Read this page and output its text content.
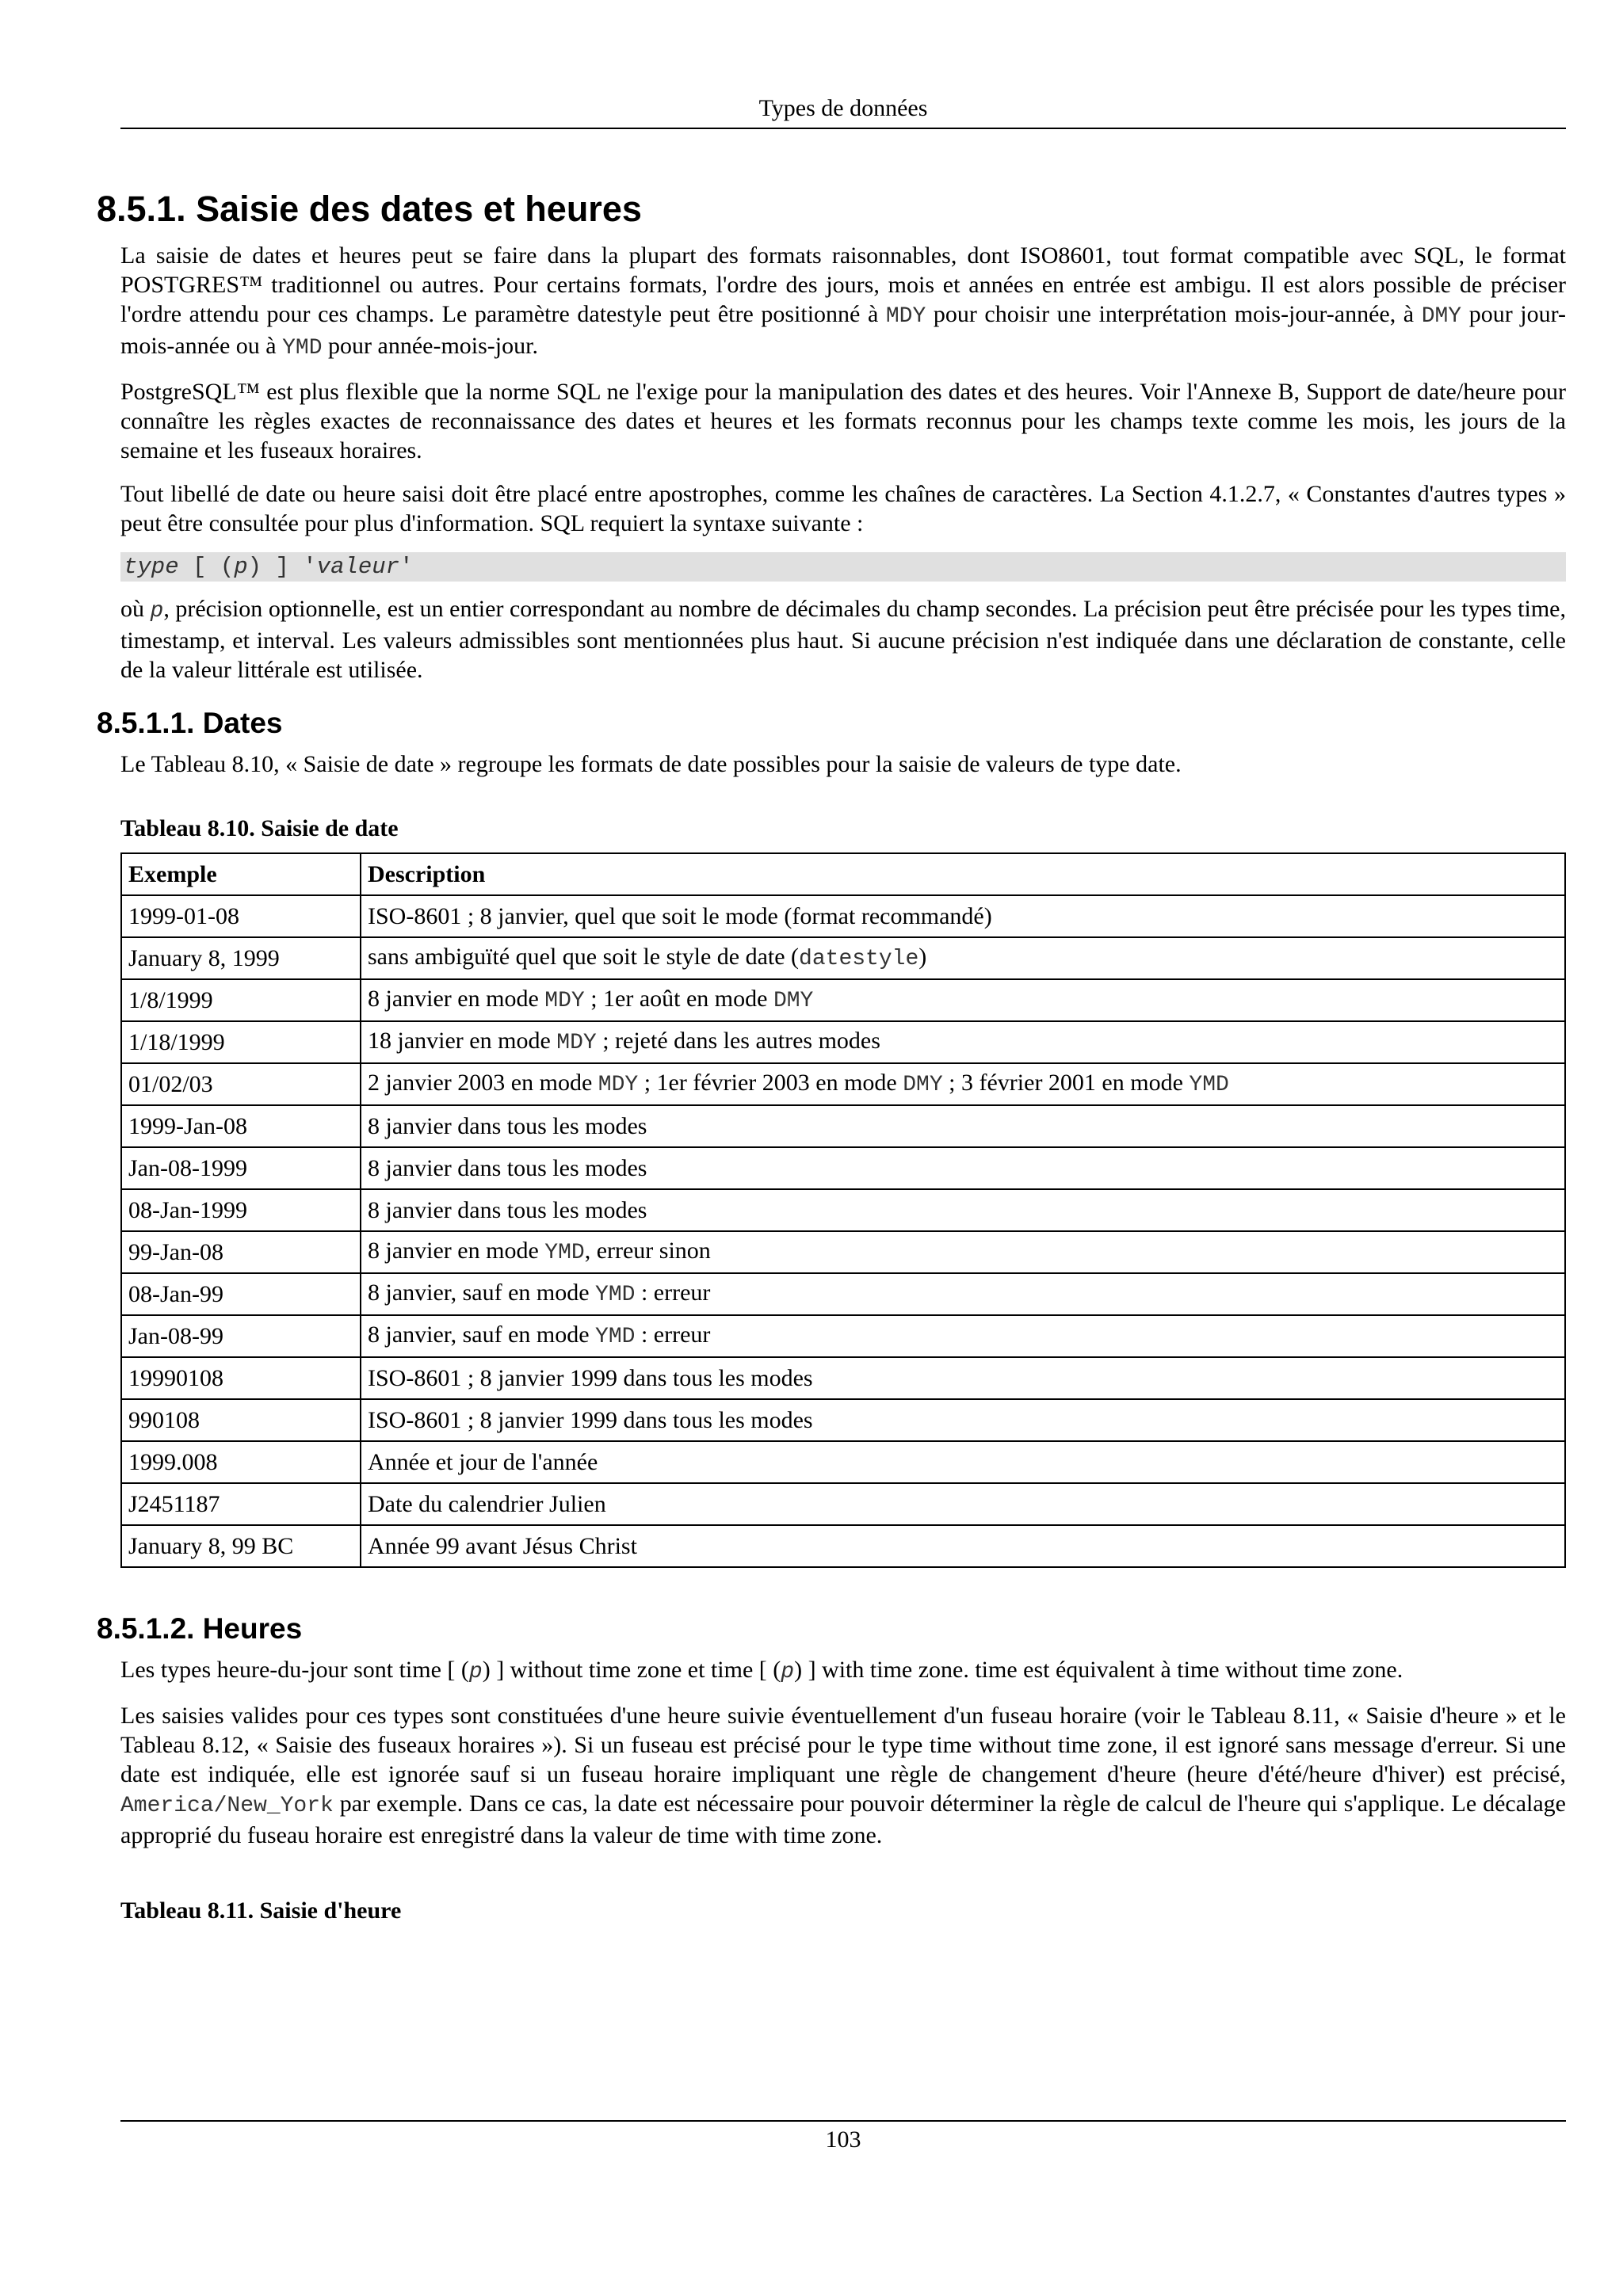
Types de données
8.5.1. Saisie des dates et heures

La saisie de dates et heures peut se faire dans la plupart des formats raisonnables, dont ISO8601, tout format compatible avec SQL, le format POSTGRES™ traditionnel ou autres. Pour certains formats, l'ordre des jours, mois et années en entrée est ambigu. Il est alors possible de préciser l'ordre attendu pour ces champs. Le paramètre datestyle peut être positionné à MDY pour choisir une interprétation mois-jour-année, à DMY pour jour-mois-année ou à YMD pour année-mois-jour.

PostgreSQL™ est plus flexible que la norme SQL ne l'exige pour la manipulation des dates et des heures. Voir l'Annexe B, Support de date/heure pour connaître les règles exactes de reconnaissance des dates et heures et les formats reconnus pour les champs texte comme les mois, les jours de la semaine et les fuseaux horaires.

Tout libellé de date ou heure saisi doit être placé entre apostrophes, comme les chaînes de caractères. La Section 4.1.2.7, « Constantes d'autres types » peut être consultée pour plus d'information. SQL requiert la syntaxe suivante :

type [ (p) ] 'valeur'

où p, précision optionnelle, est un entier correspondant au nombre de décimales du champ secondes. La précision peut être précisée pour les types time, timestamp, et interval. Les valeurs admissibles sont mentionnées plus haut. Si aucune précision n'est indiquée dans une déclaration de constante, celle de la valeur littérale est utilisée.

8.5.1.1. Dates

Le Tableau 8.10, « Saisie de date » regroupe les formats de date possibles pour la saisie de valeurs de type date.

Tableau 8.10. Saisie de date
Exemple	Description
1999-01-08	ISO-8601 ; 8 janvier, quel que soit le mode (format recommandé)
January 8, 1999	sans ambiguïté quel que soit le style de date (datestyle)
1/8/1999	8 janvier en mode MDY ; 1er août en mode DMY
1/18/1999	18 janvier en mode MDY ; rejeté dans les autres modes
01/02/03	2 janvier 2003 en mode MDY ; 1er février 2003 en mode DMY ; 3 février 2001 en mode YMD
1999-Jan-08	8 janvier dans tous les modes
Jan-08-1999	8 janvier dans tous les modes
08-Jan-1999	8 janvier dans tous les modes
99-Jan-08	8 janvier en mode YMD, erreur sinon
08-Jan-99	8 janvier, sauf en mode YMD : erreur
Jan-08-99	8 janvier, sauf en mode YMD : erreur
19990108	ISO-8601 ; 8 janvier 1999 dans tous les modes
990108	ISO-8601 ; 8 janvier 1999 dans tous les modes
1999.008	Année et jour de l'année
J2451187	Date du calendrier Julien
January 8, 99 BC	Année 99 avant Jésus Christ
8.5.1.2. Heures

Les types heure-du-jour sont time [ (p) ] without time zone et time [ (p) ] with time zone. time est équivalent à time without time zone.

Les saisies valides pour ces types sont constituées d'une heure suivie éventuellement d'un fuseau horaire (voir le Tableau 8.11, « Saisie d'heure » et le Tableau 8.12, « Saisie des fuseaux horaires »). Si un fuseau est précisé pour le type time without time zone, il est ignoré sans message d'erreur. Si une date est indiquée, elle est ignorée sauf si un fuseau horaire impliquant une règle de changement d'heure (heure d'été/heure d'hiver) est précisé, America/New_York par exemple. Dans ce cas, la date est nécessaire pour pouvoir déterminer la règle de calcul de l'heure qui s'applique. Le décalage approprié du fuseau horaire est enregistré dans la valeur de time with time zone.

Tableau 8.11. Saisie d'heure
103
